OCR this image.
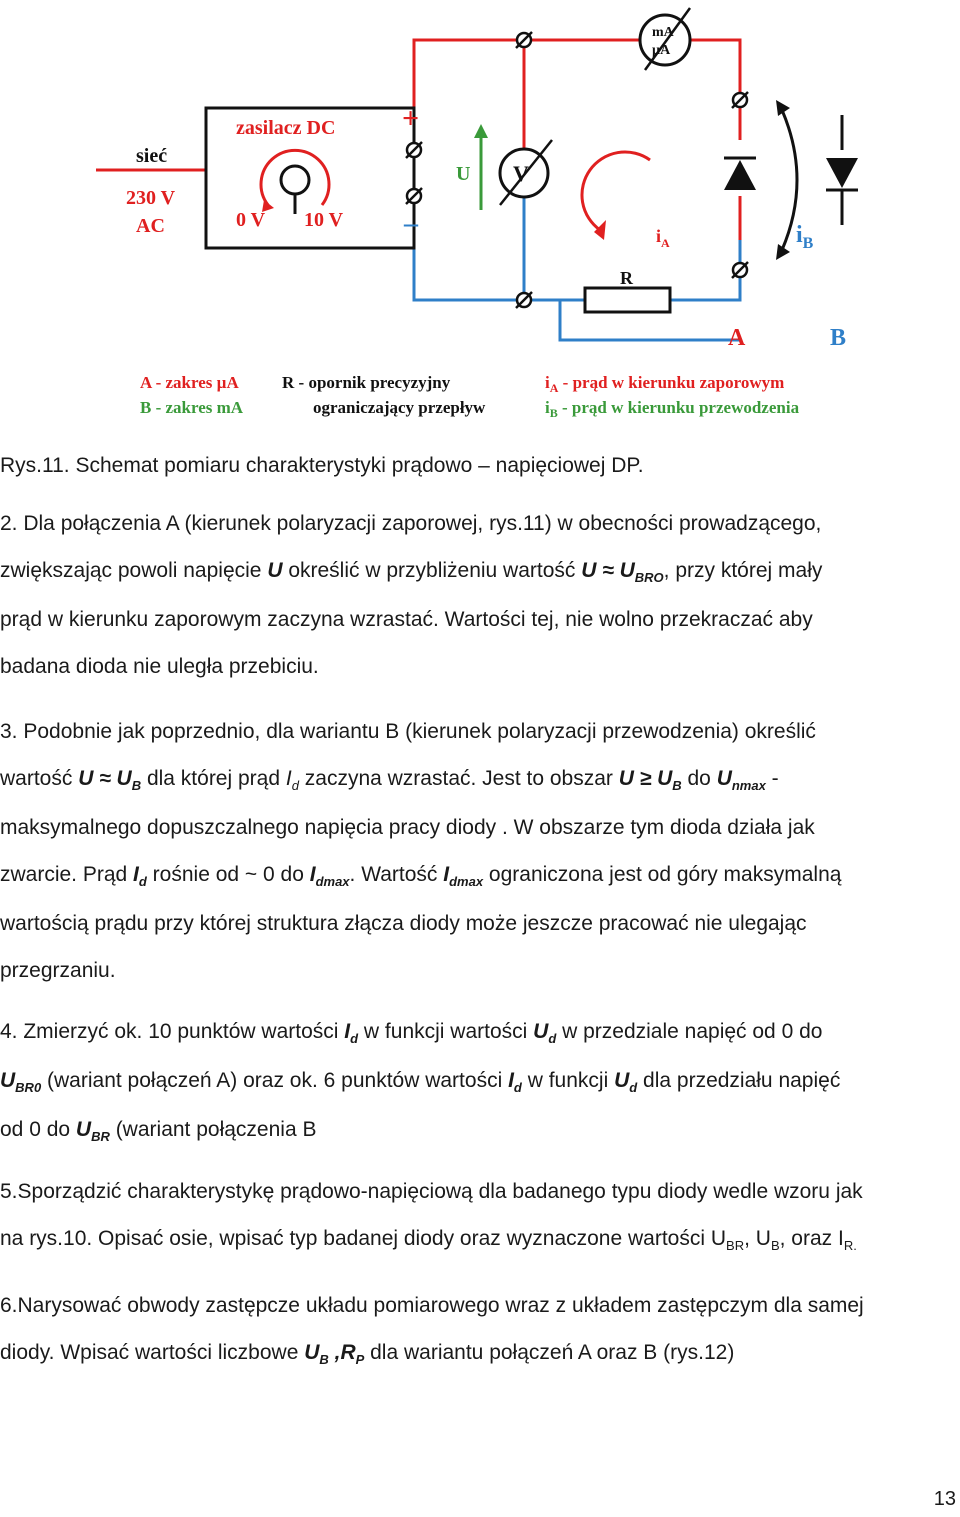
sieć
230 V
AC
zasilacz DC
0 V 10 V
+
–
U V
mA
µA
R
$i_A$	$i_B$
A	B
A - zakres µA
B - zakres mA
R - opornik precyzyjny
ograniczający przepływ
$i_A$ - prąd w kierunku zaporowym
$i_B$ - prąd w kierunku przewodzenia
Rys.11. Schemat pomiaru charakterystyki prądowo – napięciowej DP.
2. Dla połączenia A (kierunek polaryzacji zaporowej, rys.11) w obecności prowadzącego,
zwiększając powoli napięcie U określić w przybliżeniu wartość $U \approx U_{BRO}$, przy której mały
prąd w kierunku zaporowym zaczyna wzrastać. Wartości tej, nie wolno przekraczać aby
badana dioda nie uległa przebiciu.
3. Podobnie jak poprzednio, dla wariantu B (kierunek polaryzacji przewodzenia) określić
wartość $U \approx U_B$ dla której prąd $I_d$ zaczyna wzrastać. Jest to obszar $U \ge U_B$ do $U_{nmax}$ -
maksymalnego dopuszczalnego napięcia pracy diody . W obszarze tym dioda działa jak
zwarcie. Prąd $I_d$ rośnie od ~ 0 do $I_{dmax}$. Wartość $I_{dmax}$ ograniczona jest od góry maksymalną
wartością prądu przy której struktura złącza diody może jeszcze pracować nie ulegając
przegrzaniu.
4. Zmierzyć ok. 10 punktów wartości $I_d$ w funkcji wartości $U_d$ w przedziale napięć od 0 do
$U_{BR0}$ (wariant połączeń A) oraz ok. 6 punktów wartości $I_d$ w funkcji $U_d$ dla przedziału napięć
od 0 do $U_{BR}$ (wariant połączenia B
5.Sporządzić charakterystykę prądowo-napięciową dla badanego typu diody wedle wzoru jak
na rys.10. Opisać osie, wpisać typ badanej diody oraz wyznaczone wartości $U_{BR}$, $U_B$, oraz $I_{R.}$
6.Narysować obwody zastępcze układu pomiarowego wraz z układem zastępczym dla samej
diody. Wpisać wartości liczbowe $U_B$ $,R_P$ dla wariantu połączeń A oraz B (rys.12)
13
